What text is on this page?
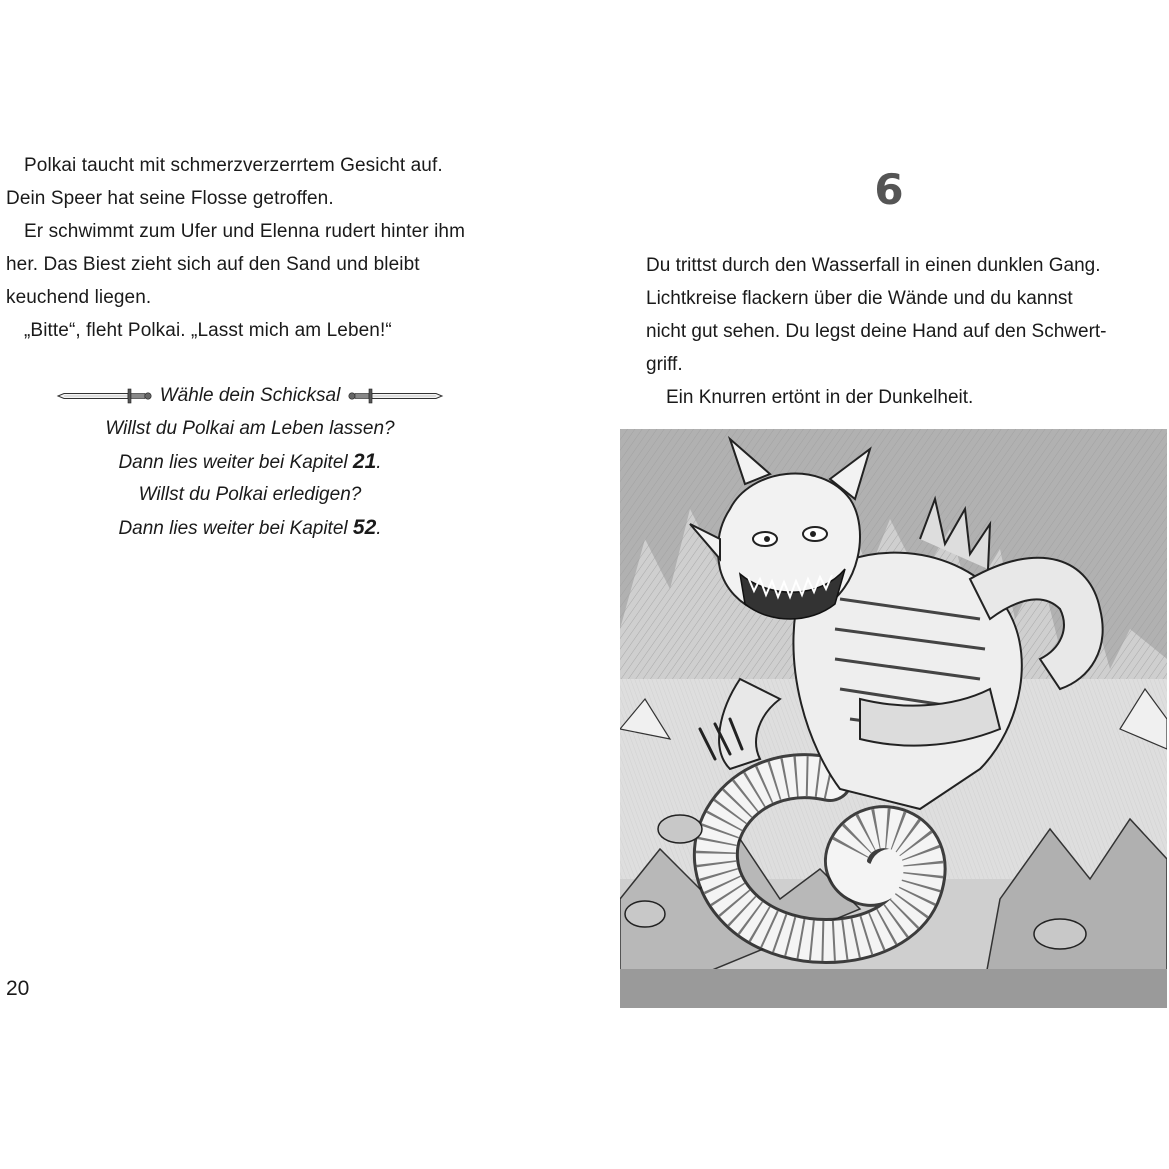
Polkai taucht mit schmerzverzerrtem Gesicht auf.
Dein Speer hat seine Flosse getroffen.
Er schwimmt zum Ufer und Elenna rudert hinter ihm
her. Das Biest zieht sich auf den Sand und bleibt
keuchend liegen.
„Bitte“, fleht Polkai. „Lasst mich am Leben!“
Wähle dein Schicksal
Willst du Polkai am Leben lassen?
Dann lies weiter bei Kapitel 21.
Willst du Polkai erledigen?
Dann lies weiter bei Kapitel 52.
20
6
Du trittst durch den Wasserfall in einen dunklen Gang.
Lichtkreise flackern über die Wände und du kannst
nicht gut sehen. Du legst deine Hand auf den Schwert-
griff.
Ein Knurren ertönt in der Dunkelheit.
